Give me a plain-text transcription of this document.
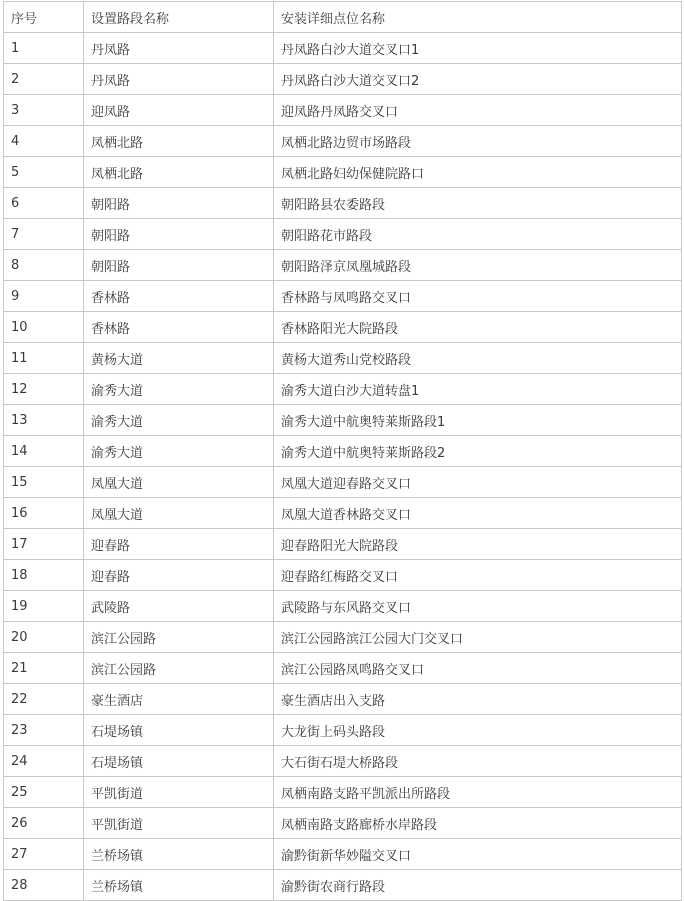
序号	设置路段名称	安装详细点位名称
1	丹凤路	丹凤路白沙大道交叉口1
2	丹凤路	丹凤路白沙大道交叉口2
3	迎凤路	迎凤路丹凤路交叉口
4	凤栖北路	凤栖北路边贸市场路段
5	凤栖北路	凤栖北路妇幼保健院路口
6	朝阳路	朝阳路县农委路段
7	朝阳路	朝阳路花市路段
8	朝阳路	朝阳路泽京凤凰城路段
9	香林路	香林路与凤鸣路交叉口
10	香林路	香林路阳光大院路段
11	黄杨大道	黄杨大道秀山党校路段
12	渝秀大道	渝秀大道白沙大道转盘1
13	渝秀大道	渝秀大道中航奥特莱斯路段1
14	渝秀大道	渝秀大道中航奥特莱斯路段2
15	凤凰大道	凤凰大道迎春路交叉口
16	凤凰大道	凤凰大道香林路交叉口
17	迎春路	迎春路阳光大院路段
18	迎春路	迎春路红梅路交叉口
19	武陵路	武陵路与东风路交叉口
20	滨江公园路	滨江公园路滨江公园大门交叉口
21	滨江公园路	滨江公园路凤鸣路交叉口
22	豪生酒店	豪生酒店出入支路
23	石堤场镇	大龙街上码头路段
24	石堤场镇	大石街石堤大桥路段
25	平凯街道	凤栖南路支路平凯派出所路段
26	平凯街道	凤栖南路支路廊桥水岸路段
27	兰桥场镇	渝黔街新华妙隘交叉口
28	兰桥场镇	渝黔街农商行路段
